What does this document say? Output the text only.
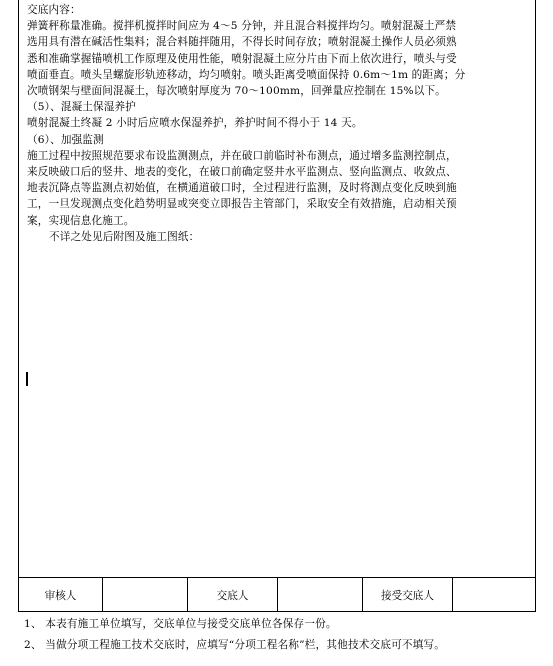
交底内容：
弹簧秤称量准确。搅拌机搅拌时间应为 4～5 分钟，并且混合料搅拌均匀。喷射混凝土严禁
选用具有潜在碱活性集料；混合料随拌随用，不得长时间存放；喷射混凝土操作人员必须熟
悉和准确掌握锚喷机工作原理及使用性能，喷射混凝土应分片由下而上依次进行，喷头与受
喷面垂直。喷头呈螺旋形轨迹移动，均匀喷射。喷头距离受喷面保持 0.6m～1m 的距离；分
次喷钢架与壁面间混凝土，每次喷射厚度为 70～100mm，回弹量应控制在 15%以下。
（5）、混凝土保湿养护
喷射混凝土终凝 2 小时后应喷水保湿养护，养护时间不得小于 14 天。
（6）、加强监测
施工过程中按照规范要求布设监测测点，并在破口前临时补布测点，通过增多监测控制点，
来反映破口后的竖井、地表的变化，在破口前确定竖井水平监测点、竖向监测点、收敛点、
地表沉降点等监测点初始值，在横通道破口时，全过程进行监测，及时将测点变化反映到施
工，一旦发现测点变化趋势明显或突变立即报告主管部门，采取安全有效措施，启动相关预
案，实现信息化施工。
不详之处见后附图及施工图纸：
审核人	交底人	接受交底人
1、 本表有施工单位填写，交底单位与接受交底单位各保存一份。
2、 当做分项工程施工技术交底时，应填写“分项工程名称”栏，其他技术交底可不填写。
